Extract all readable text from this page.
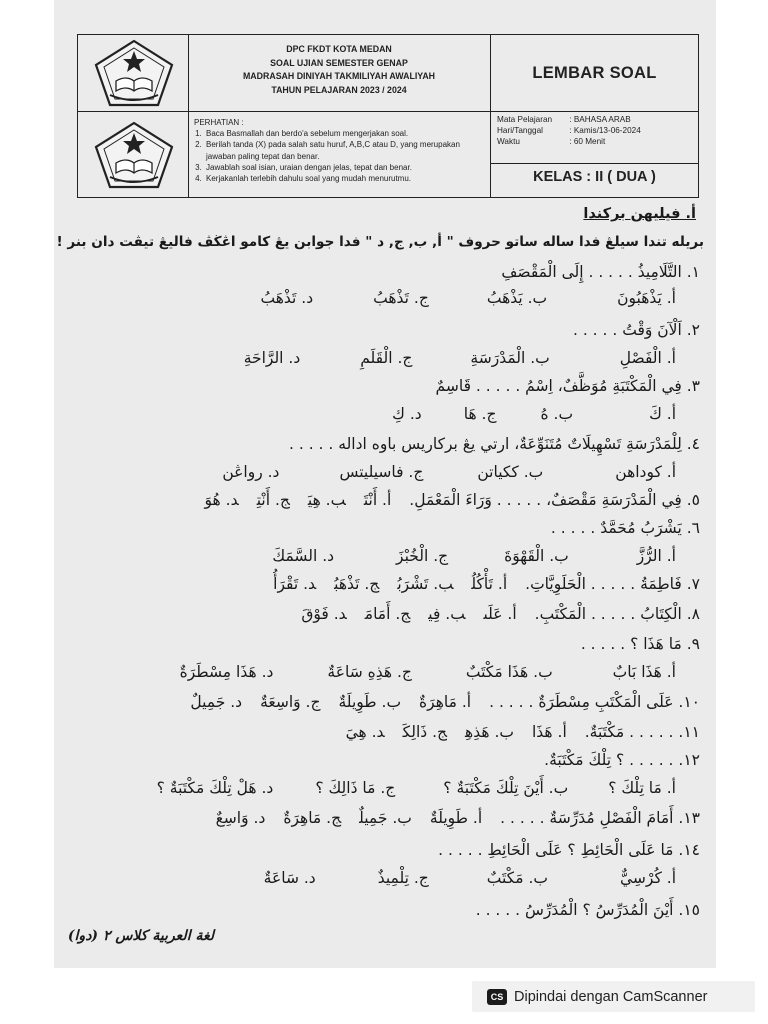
DPC FKDT KOTA MEDAN
SOAL UJIAN SEMESTER GENAP
MADRASAH DINIYAH TAKMILIYAH AWALIYAH
TAHUN PELAJARAN 2023 / 2024
LEMBAR SOAL
PERHATIAN :
1. Baca Basmallah dan berdo'a sebelum mengerjakan soal.
2. Berilah tanda (X) pada salah satu huruf, A,B,C atau D, yang merupakan jawaban paling tepat dan benar.
3. Jawablah soal isian, uraian dengan jelas, tepat dan benar.
4. Kerjakanlah terlebih dahulu soal yang mudah menurutmu.
Mata Pelajaran
	:
BAHASA ARAB
Hari/Tanggal
	:
Kamis/13-06-2024
Waktu
	:
60 Menit
KELAS : II ( DUA )
أ. فيليهن بركندا
بريله تندا سيلڠ فدا ساله ساتو حروف " أ, ب, ج, د " فدا جوابن يڠ كامو اڠڬڤ فاليڠ تيڤت دان بنر !
١. التَّلَامِيذُ . . . . . إِلَى الْمَقْصَفِ
أ. يَذْهَبُونَ
ب. يَذْهَبُ
ج. تَذْهَبُ
د. تَذْهَبُ
٢. اَلْآنَ وَقْتُ . . . . .
أ. الْفَصْلِ
ب. الْمَدْرَسَةِ
ج. الْقَلَمِ
د. الرَّاحَةِ
٣. فِي الْمَكْتَبَةِ مُوَظَّفٌ، اِسْمُ . . . . . قَاسِمٌ
أ. كَ
ب. هُ
ج. هَا
د. كِ
٤. لِلْمَدْرَسَةِ تَسْهِيلَاتٌ مُتَنَوِّعَةٌ، ارتي يڠ بركاريس باوه اداله . . . . .
أ. كوداهن
ب. ككياتن
ج. فاسيليتس
د. رواڠن
٥. فِي الْمَدْرَسَةِ مَقْصَفٌ، . . . . . وَرَاءَ الْمَعْمَلِ.أ. أَنْتَب. هِيَج. أَنْتِد. هُوَ
٦. يَشْرَبُ مُحَمَّدٌ . . . . .
أ. الرُّزَّ
ب. الْقَهْوَةَ
ج. الْخُبْزَ
د. السَّمَكَ
٧. فَاطِمَةُ . . . . . الْحَلَوِيَّاتِ.أ. تَأْكُلُب. تَشْرَبُج. تَذْهَبُد. تَقْرَأُ
٨. الْكِتَابُ . . . . . الْمَكْتَبِ.أ. عَلَىب. فِيج. أَمَامَد. فَوْقَ
٩. مَا هَذَا ؟ . . . . .
أ. هَذَا بَابٌ
ب. هَذَا مَكْتَبٌ
ج. هَذِهِ سَاعَةٌ
د. هَذَا مِسْطَرَةٌ
١٠. عَلَى الْمَكْتَبِ مِسْطَرَةٌ . . . . .أ. مَاهِرَةٌب. طَوِيلَةٌج. وَاسِعَةٌد. جَمِيلٌ
١١. . . . . . مَكْتَبَةٌ.أ. هَذَاب. هَذِهِج. ذَالِكَد. هِيَ
١٢. . . . . . ؟ تِلْكَ مَكْتَبَةٌ.
أ. مَا تِلْكَ ؟
ب. أَيْنَ تِلْكَ مَكْتَبَةٌ ؟
ج. مَا ذَالِكَ ؟
د. هَلْ تِلْكَ مَكْتَبَةٌ ؟
١٣. أَمَامَ الْفَصْلِ مُدَرِّسَةٌ . . . . .أ. طَوِيلَةٌب. جَمِيلٌج. مَاهِرَةٌد. وَاسِعٌ
١٤. مَا عَلَى الْحَائِطِ ؟ عَلَى الْحَائِطِ . . . . .
أ. كُرْسِيٌّ
ب. مَكْتَبٌ
ج. تِلْمِيذٌ
د. سَاعَةٌ
١٥. أَيْنَ الْمُدَرِّسُ ؟ الْمُدَرِّسُ . . . . .
لغة العربية كلاس ٢ (دوا)
CS Dipindai dengan CamScanner
